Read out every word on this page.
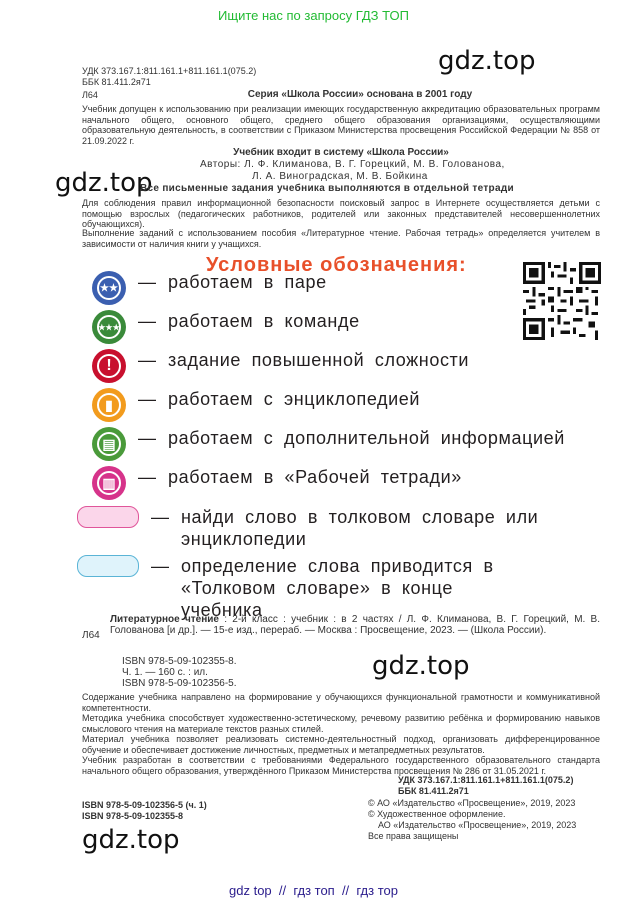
Ищите нас по запросу ГДЗ ТОП
gdz.top
gdz.top
gdz.top
gdz.top
УДК 373.167.1:811.161.1+811.161.1(075.2)
ББК 81.411.2я71
Л64	Серия «Школа России» основана в 2001 году
Учебник допущен к использованию при реализации имеющих государственную аккредитацию образовательных программ начального общего, основного общего, среднего общего образования организациями, осуществляющими образовательную деятельность, в соответствии с Приказом Министерства просвещения Российской Федерации № 858 от 21.09.2022 г.
Учебник входит в систему «Школа России»
Авторы: Л. Ф. Климанова, В. Г. Горецкий, М. В. Голованова,
Л. А. Виноградская, М. В. Бойкина
Все письменные задания учебника выполняются в отдельной тетради
Для соблюдения правил информационной безопасности поисковый запрос в Интернете осуществляется детьми с помощью взрослых (педагогических работников, родителей или законных представителей несовершеннолетних обучающихся).
Выполнение заданий с использованием пособия «Литературное чтение. Рабочая тетрадь» определяется учителем в зависимости от наличия книги у учащихся.
Условные обозначения:
★★ — работаем в паре
★★★ — работаем в команде
!	— задание повышенной сложности
▮	— работаем с энциклопедией
▤ — работаем с дополнительной информацией
▥ — работаем в «Рабочей тетради»
— найди слово в толковом словаре или энциклопедии
— определение слова приводится в «Толковом словаре» в конце учебника
Л64
Литературное чтение : 2-й класс : учебник : в 2 частях / Л. Ф. Климанова, В. Г. Горецкий, М. В. Голованова [и др.]. — 15-е изд., перераб. — Москва : Просвещение, 2023. — (Школа России).
ISBN 978-5-09-102355-8.
Ч. 1. — 160 с. : ил.
ISBN 978-5-09-102356-5.
Содержание учебника направлено на формирование у обучающихся функциональной грамотности и коммуникативной компетентности.
Методика учебника способствует художественно-эстетическому, речевому развитию ребёнка и формированию навыков смыслового чтения на материале текстов разных стилей.
Материал учебника позволяет реализовать системно-деятельностный подход, организовать дифференцированное обучение и обеспечивает достижение личностных, предметных и метапредметных результатов.
Учебник разработан в соответствии с требованиями Федерального государственного образовательного стандарта начального общего образования, утверждённого Приказом Министерства просвещения № 286 от 31.05.2021 г.
УДК 373.167.1:811.161.1+811.161.1(075.2)
ББК 81.411.2я71
ISBN 978-5-09-102356-5 (ч. 1)
ISBN 978-5-09-102355-8
© АО «Издательство «Просвещение», 2019, 2023
© Художественное оформление.
АО «Издательство «Просвещение», 2019, 2023
Все права защищены
gdz top  //  гдз топ  //  гдз тор
